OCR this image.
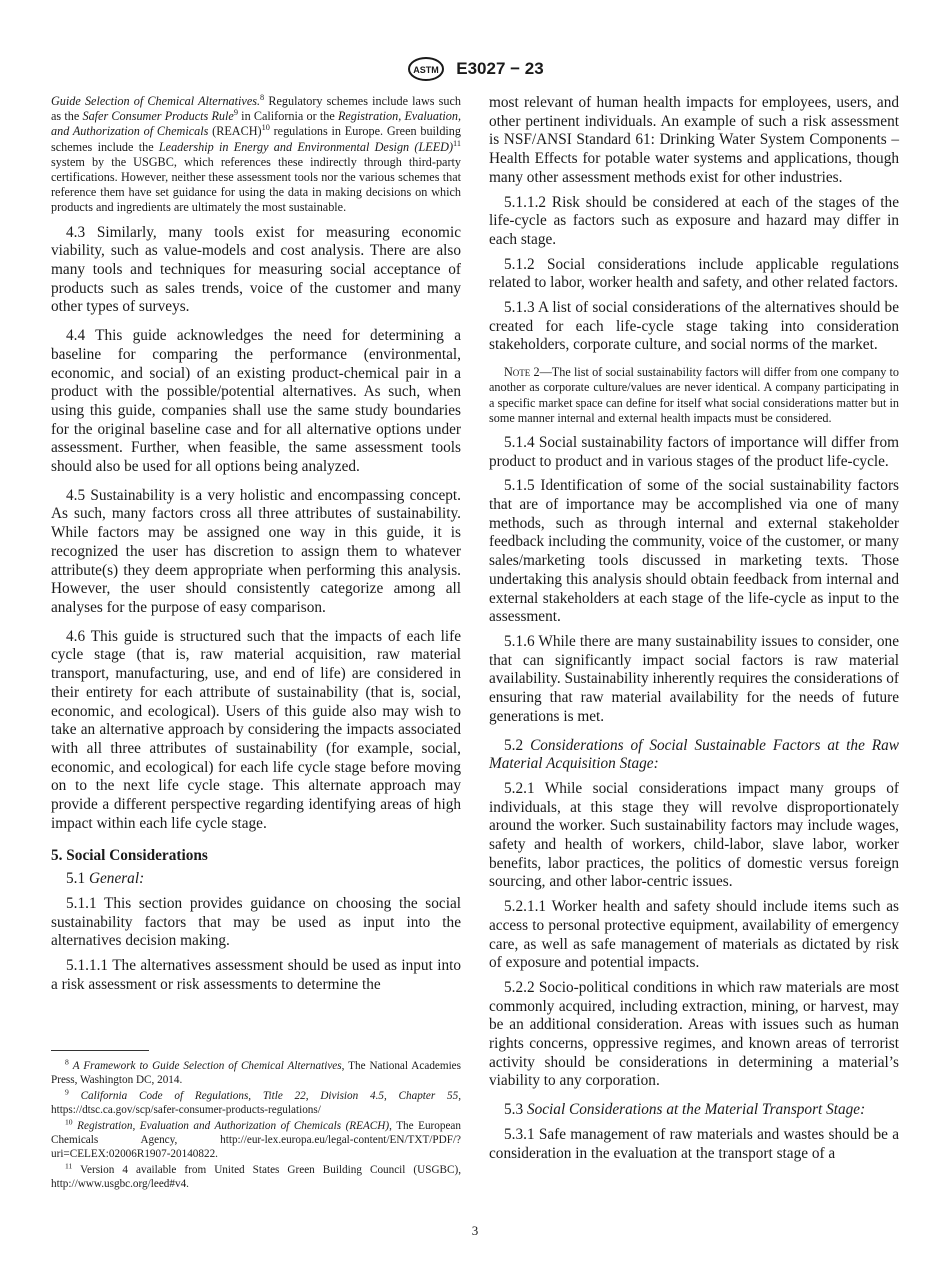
ASTM E3027 − 23

Guide Selection of Chemical Alternatives.$^8$ Regulatory schemes include laws such as the Safer Consumer Products Rule$^9$ in California or the Registration, Evaluation, and Authorization of Chemicals (REACH)$^{10}$ regulations in Europe. Green building schemes include the Leadership in Energy and Environmental Design (LEED)$^{11}$ system by the USGBC, which references these indirectly through third-party certifications. However, neither these assessment tools nor the various schemes that reference them have set guidance for using the data in making decisions on which products and ingredients are ultimately the most sustainable.

4.3 Similarly, many tools exist for measuring economic viability, such as value-models and cost analysis. There are also many tools and techniques for measuring social acceptance of products such as sales trends, voice of the customer and many other types of surveys.

4.4 This guide acknowledges the need for determining a baseline for comparing the performance (environmental, economic, and social) of an existing product-chemical pair in a product with the possible/potential alternatives. As such, when using this guide, companies shall use the same study boundaries for the original baseline case and for all alternative options under assessment. Further, when feasible, the same assessment tools should also be used for all options being analyzed.

4.5 Sustainability is a very holistic and encompassing concept. As such, many factors cross all three attributes of sustainability. While factors may be assigned one way in this guide, it is recognized the user has discretion to assign them to whatever attribute(s) they deem appropriate when performing this analysis. However, the user should consistently categorize among all analyses for the purpose of easy comparison.

4.6 This guide is structured such that the impacts of each life cycle stage (that is, raw material acquisition, raw material transport, manufacturing, use, and end of life) are considered in their entirety for each attribute of sustainability (that is, social, economic, and ecological). Users of this guide also may wish to take an alternative approach by considering the impacts associated with all three attributes of sustainability (for example, social, economic, and ecological) for each life cycle stage before moving on to the next life cycle stage. This alternate approach may provide a different perspective regarding identifying areas of high impact within each life cycle stage.

5. Social Considerations

5.1 General:

5.1.1 This section provides guidance on choosing the social sustainability factors that may be used as input into the alternatives decision making.

5.1.1.1 The alternatives assessment should be used as input into a risk assessment or risk assessments to determine the

most relevant of human health impacts for employees, users, and other pertinent individuals. An example of such a risk assessment is NSF/ANSI Standard 61: Drinking Water System Components – Health Effects for potable water systems and applications, though many other assessment methods exist for other industries.

5.1.1.2 Risk should be considered at each of the stages of the life-cycle as factors such as exposure and hazard may differ in each stage.

5.1.2 Social considerations include applicable regulations related to labor, worker health and safety, and other related factors.

5.1.3 A list of social considerations of the alternatives should be created for each life-cycle stage taking into consideration stakeholders, corporate culture, and social norms of the market.

Note 2—The list of social sustainability factors will differ from one company to another as corporate culture/values are never identical. A company participating in a specific market space can define for itself what social considerations matter but in some manner internal and external health impacts must be considered.

5.1.4 Social sustainability factors of importance will differ from product to product and in various stages of the product life-cycle.

5.1.5 Identification of some of the social sustainability factors that are of importance may be accomplished via one of many methods, such as through internal and external stakeholder feedback including the community, voice of the customer, or many sales/marketing tools discussed in marketing texts. Those undertaking this analysis should obtain feedback from internal and external stakeholders at each stage of the life-cycle as input to the assessment.

5.1.6 While there are many sustainability issues to consider, one that can significantly impact social factors is raw material availability. Sustainability inherently requires the considerations of ensuring that raw material availability for the needs of future generations is met.

5.2 Considerations of Social Sustainable Factors at the Raw Material Acquisition Stage:

5.2.1 While social considerations impact many groups of individuals, at this stage they will revolve disproportionately around the worker. Such sustainability factors may include wages, safety and health of workers, child-labor, slave labor, worker benefits, labor practices, the politics of domestic versus foreign sourcing, and other labor-centric issues.

5.2.1.1 Worker health and safety should include items such as access to personal protective equipment, availability of emergency care, as well as safe management of materials as dictated by risk of exposure and potential impacts.

5.2.2 Socio-political conditions in which raw materials are most commonly acquired, including extraction, mining, or harvest, may be an additional consideration. Areas with issues such as human rights concerns, oppressive regimes, and known areas of terrorist activity should be considerations in determining a material’s viability to any corporation.

5.3 Social Considerations at the Material Transport Stage:

5.3.1 Safe management of raw materials and wastes should be a consideration in the evaluation at the transport stage of a

$^8$ A Framework to Guide Selection of Chemical Alternatives, The National Academies Press, Washington DC, 2014.

$^9$ California Code of Regulations, Title 22, Division 4.5, Chapter 55, https://dtsc.ca.gov/scp/safer-consumer-products-regulations/

$^{10}$ Registration, Evaluation and Authorization of Chemicals (REACH), The European Chemicals Agency, http://eur-lex.europa.eu/legal-content/EN/TXT/PDF/?uri=CELEX:02006R1907-20140822.

$^{11}$ Version 4 available from United States Green Building Council (USGBC), http://www.usgbc.org/leed#v4.

3
